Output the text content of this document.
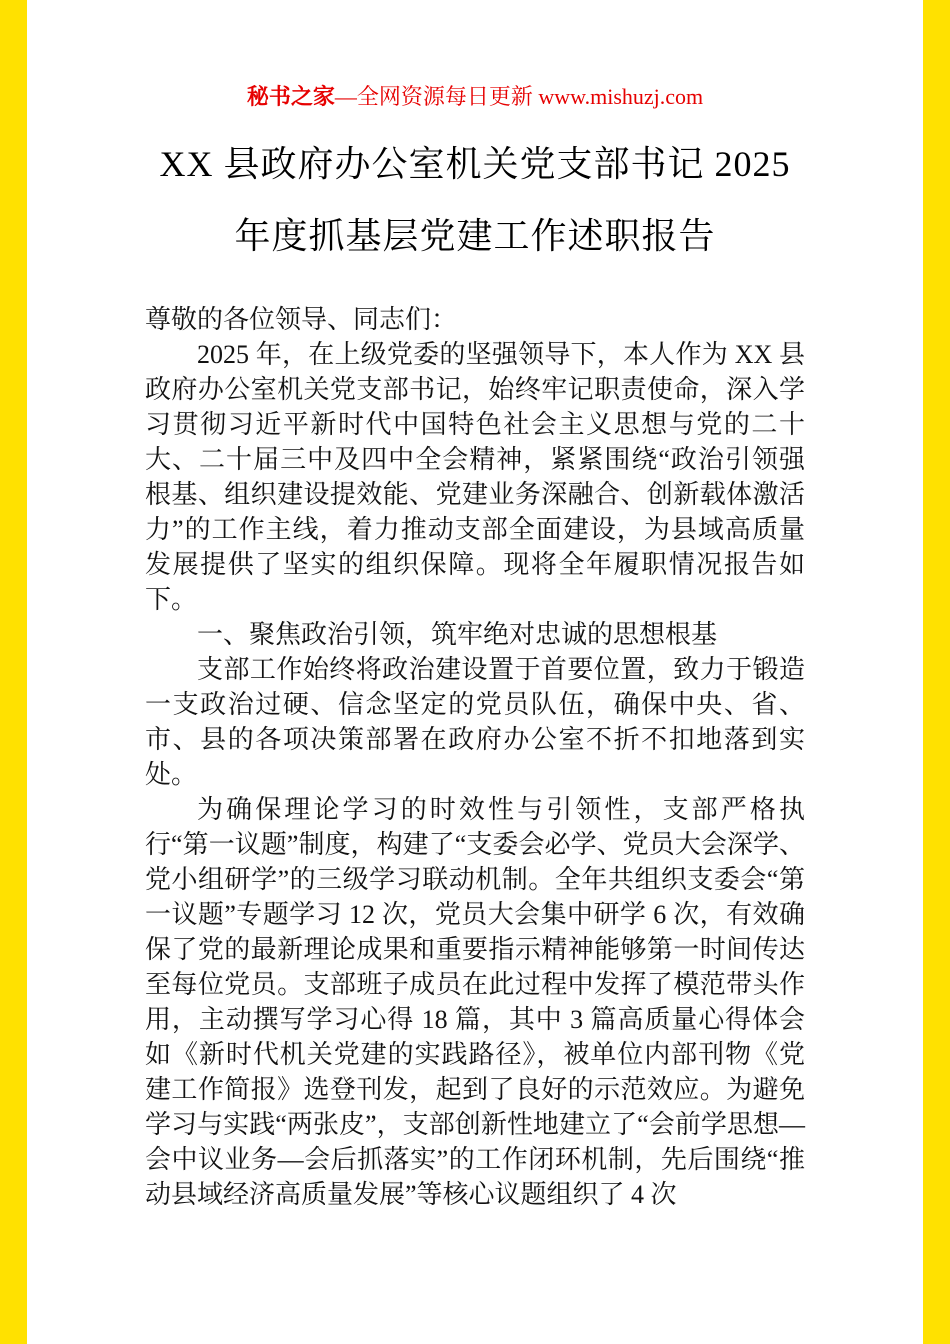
秘书之家—全网资源每日更新 www.mishuzj.com
XX 县政府办公室机关党支部书记 2025 年度抓基层党建工作述职报告

尊敬的各位领导、同志们：

2025 年，在上级党委的坚强领导下，本人作为 XX 县政府办公室机关党支部书记，始终牢记职责使命，深入学习贯彻习近平新时代中国特色社会主义思想与党的二十大、二十届三中及四中全会精神，紧紧围绕“政治引领强根基、组织建设提效能、党建业务深融合、创新载体激活力”的工作主线，着力推动支部全面建设，为县域高质量发展提供了坚实的组织保障。现将全年履职情况报告如下。

一、聚焦政治引领，筑牢绝对忠诚的思想根基

支部工作始终将政治建设置于首要位置，致力于锻造一支政治过硬、信念坚定的党员队伍，确保中央、省、市、县的各项决策部署在政府办公室不折不扣地落到实处。

为确保理论学习的时效性与引领性，支部严格执行“第一议题”制度，构建了“支委会必学、党员大会深学、党小组研学”的三级学习联动机制。全年共组织支委会“第一议题”专题学习 12 次，党员大会集中研学 6 次，有效确保了党的最新理论成果和重要指示精神能够第一时间传达至每位党员。支部班子成员在此过程中发挥了模范带头作用，主动撰写学习心得 18 篇，其中 3 篇高质量心得体会如《新时代机关党建的实践路径》，被单位内部刊物《党建工作简报》选登刊发，起到了良好的示范效应。为避免学习与实践“两张皮”，支部创新性地建立了“会前学思想—会中议业务—会后抓落实”的工作闭环机制，先后围绕“推动县域经济高质量发展”等核心议题组织了 4 次
